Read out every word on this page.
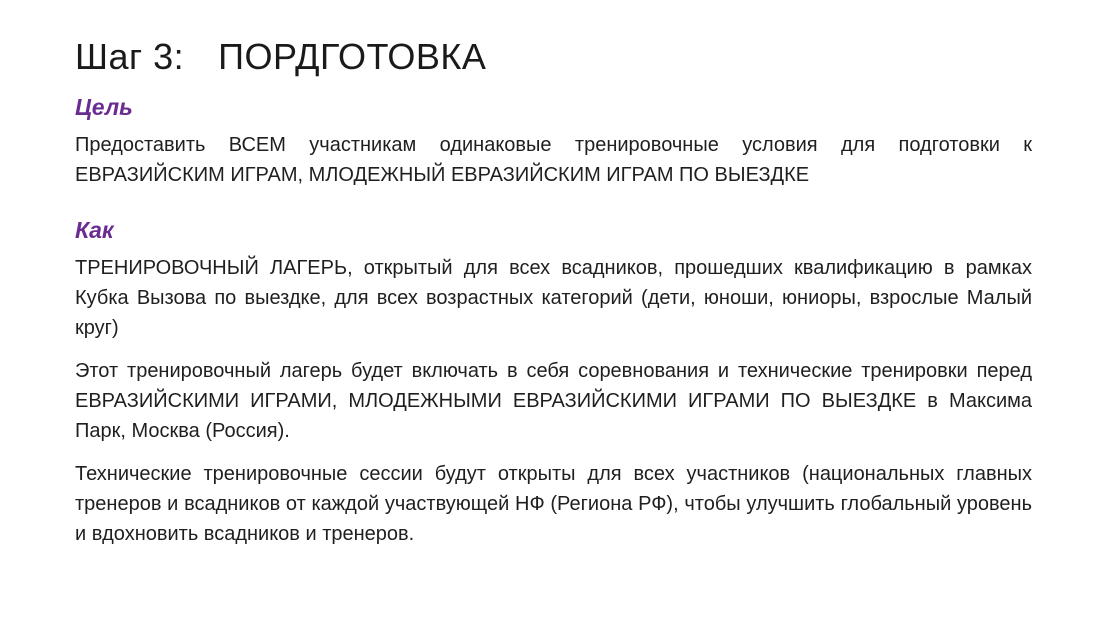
Шаг 3: ПОРДГОТОВКА
Цель

Предоставить ВСЕМ участникам одинаковые тренировочные условия для подготовки к ЕВРАЗИЙСКИМ ИГРАМ, МЛОДЕЖНЫЙ ЕВРАЗИЙСКИМ ИГРАМ ПО ВЫЕЗДКЕ

Как

ТРЕНИРОВОЧНЫЙ ЛАГЕРЬ, открытый для всех всадников, прошедших квалификацию в рамках Кубка Вызова по выездке, для всех возрастных категорий (дети, юноши, юниоры, взрослые Малый круг)

Этот тренировочный лагерь будет включать в себя соревнования и технические тренировки перед ЕВРАЗИЙСКИМИ ИГРАМИ, МЛОДЕЖНЫМИ ЕВРАЗИЙСКИМИ ИГРАМИ ПО ВЫЕЗДКЕ в Максима Парк, Москва (Россия).

Технические тренировочные сессии будут открыты для всех участников (национальных главных тренеров и всадников от каждой участвующей НФ (Региона РФ), чтобы улучшить глобальный уровень и вдохновить всадников и тренеров.
